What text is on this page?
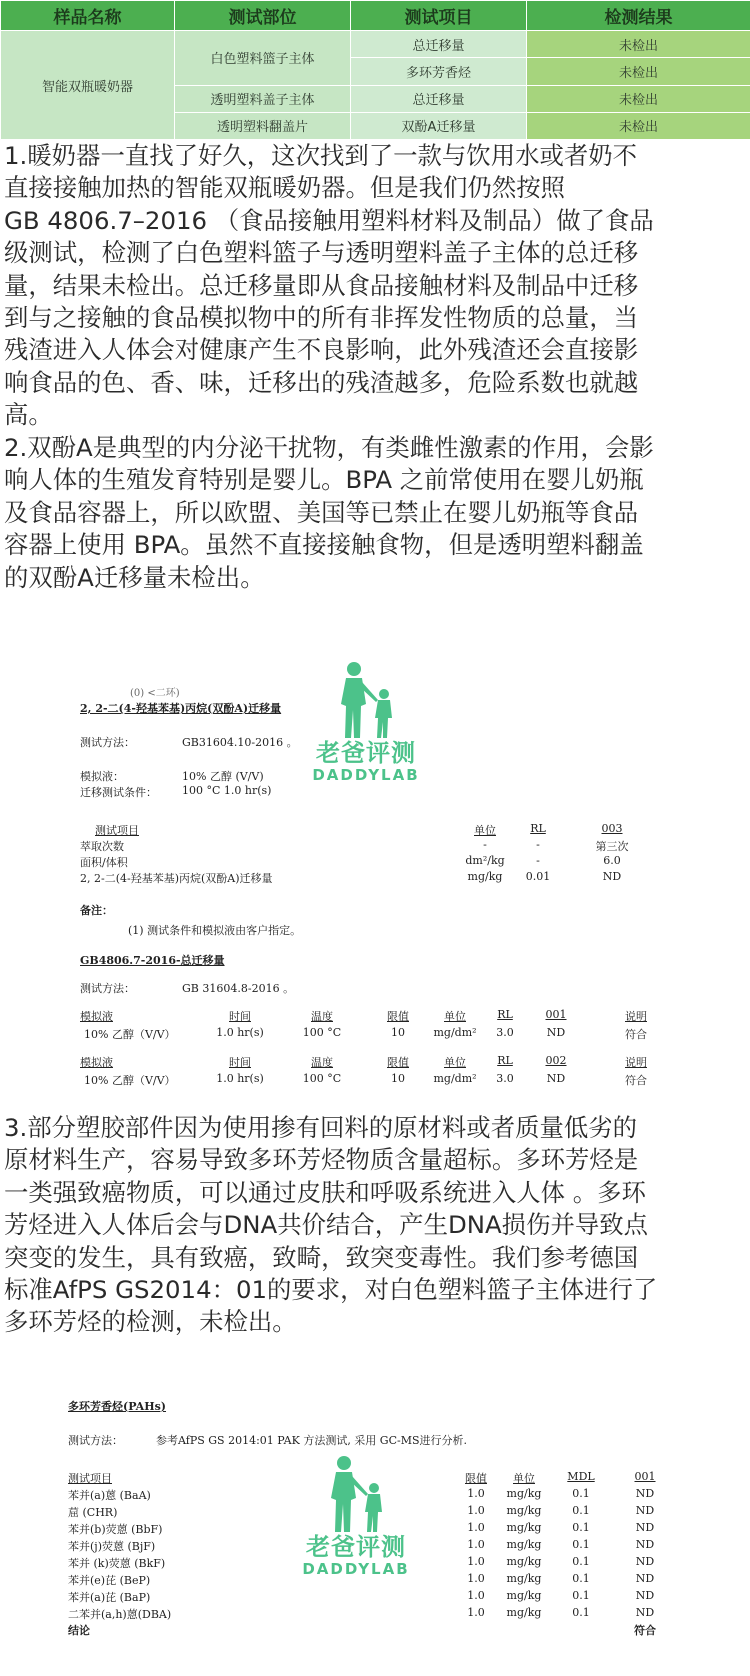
样品名称	测试部位	测试项目	检测结果
智能双瓶暖奶器	白色塑料篮子主体	总迁移量	未检出
		多环芳香烃	未检出
	透明塑料盖子主体	总迁移量	未检出
	透明塑料翻盖片	双酚A迁移量	未检出
1.暖奶器一直找了好久，这次找到了一款与饮用水或者奶不
直接接触加热的智能双瓶暖奶器。但是我们仍然按照
GB 4806.7–2016 （食品接触用塑料材料及制品）做了食品
级测试，检测了白色塑料篮子与透明塑料盖子主体的总迁移
量，结果未检出。总迁移量即从食品接触材料及制品中迁移
到与之接触的食品模拟物中的所有非挥发性物质的总量，当
残渣进入人体会对健康产生不良影响，此外残渣还会直接影
响食品的色、香、味，迁移出的残渣越多，危险系数也就越
高。
2.双酚A是典型的内分泌干扰物，有类雌性激素的作用，会影
响人体的生殖发育特别是婴儿。BPA 之前常使用在婴儿奶瓶
及食品容器上，所以欧盟、美国等已禁止在婴儿奶瓶等食品
容器上使用 BPA。虽然不直接接触食物，但是透明塑料翻盖
的双酚A迁移量未检出。
(0) <二环)
2, 2-二(4-羟基苯基)丙烷(双酚A)迁移量
测试方法：	GB31604.10-2016 。
模拟液：	10% 乙醇 (V/V)
迁移测试条件： 100 °C 1.0 hr(s)
老爸评测
DADDYLAB
测试项目	单位	RL	003
萃取次数	-	-	第三次
面积/体积	dm²/kg	-	6.0
2, 2-二(4-羟基苯基)丙烷(双酚A)迁移量	mg/kg 0.01	ND
备注：
(1) 测试条件和模拟液由客户指定。
GB4806.7-2016-总迁移量
测试方法：	GB 31604.8-2016 。
模拟液	时间	温度	限值	单位	RL	001	说明
10% 乙醇（V/V）	1.0 hr(s)	100 °C	10	mg/dm² 3.0	ND	符合
模拟液	时间	温度	限值	单位	RL	002	说明
10% 乙醇（V/V）	1.0 hr(s)	100 °C	10	mg/dm² 3.0	ND	符合
3.部分塑胶部件因为使用掺有回料的原材料或者质量低劣的
原材料生产，容易导致多环芳烃物质含量超标。多环芳烃是
一类强致癌物质，可以通过皮肤和呼吸系统进入人体 。多环
芳烃进入人体后会与DNA共价结合，产生DNA损伤并导致点
突变的发生，具有致癌，致畸，致突变毒性。我们参考德国
标准AfPS GS2014：01的要求，对白色塑料篮子主体进行了
多环芳烃的检测，未检出。
多环芳香烃(PAHs)
测试方法：	参考AfPS GS 2014:01 PAK 方法测试, 采用 GC-MS进行分析.
老爸评测
DADDYLAB
测试项目	限值 单位	MDL	001
苯并(a)蒽 (BaA)	1.0 mg/kg	0.1	ND
䓛 (CHR)	1.0 mg/kg	0.1	ND
苯并(b)荧蒽 (BbF)	1.0 mg/kg	0.1	ND
苯并(j)荧蒽 (BjF)	1.0 mg/kg	0.1	ND
苯并 (k)荧蒽 (BkF)	1.0 mg/kg	0.1	ND
苯并(e)芘 (BeP)	1.0 mg/kg	0.1	ND
苯并(a)芘 (BaP)	1.0 mg/kg	0.1	ND
二苯并(a,h)蒽(DBA)	1.0 mg/kg	0.1	ND
结论	符合
